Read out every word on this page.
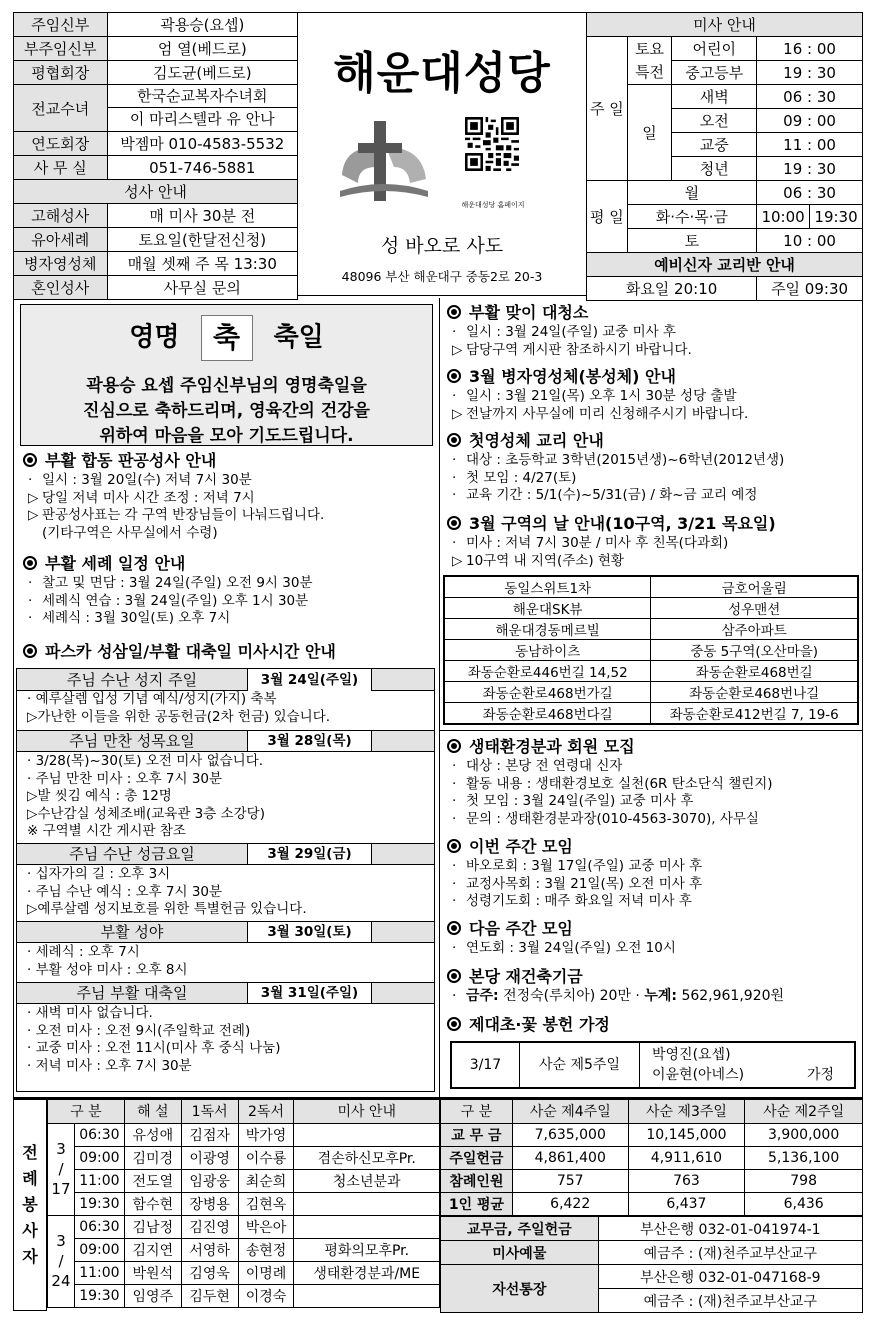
주임신부	곽용승(요셉)
부주임신부	엄 열(베드로)
평협회장	김도균(베드로)
전교수녀	한국순교복자수녀회
이 마리스텔라 유 안나

연도회장	박젬마 010-4583-5532
사 무 실	051-746-5881
성사 안내	
고해성사	매 미사 30분 전
유아세례	토요일(한달전신청)
병자영성체	매월 셋째 주 목 13:30
혼인성사	사무실 문의
해운대성당
해운대성당 홈페이지
성 바오로 사도
48096 부산 해운대구 중동2로 20-3
미사 안내				
주 일	토요 특전	어린이	16 : 00	
		중고등부	19 : 30	
	일	새벽	06 : 30	
		오전	09 : 00	
		교중	11 : 00	
		청년	19 : 30	
평 일	월		06 : 30	
	화·수·목·금		10:00	19:30
	토		10 : 00	
예비신자 교리반 안내				
화요일 20:10			주일 09:30	
영명 축 축일
곽용승 요셉 주임신부님의 영명축일을
진심으로 축하드리며, 영육간의 건강을
위하여 마음을 모아 기도드립니다.
부활 합동 판공성사 안내
· 일시 : 3월 20일(수) 저녁 7시 30분
▷ 당일 저녁 미사 시간 조정 : 저녁 7시
▷ 판공성사표는 각 구역 반장님들이 나눠드립니다.
(기타구역은 사무실에서 수령)
부활 세례 일정 안내
· 찰고 및 면담 : 3월 24일(주일) 오전 9시 30분
· 세례식 연습 : 3월 24일(주일) 오후 1시 30분
· 세례식 : 3월 30일(토) 오후 7시
파스카 성삼일/부활 대축일 미사시간 안내
주님 수난 성지 주일	3월 24일(주일)
· 예루살렘 입성 기념 예식/성지(가지) 축복
▷가난한 이들을 위한 공동헌금(2차 헌금) 있습니다.
주님 만찬 성목요일	3월 28일(목)
· 3/28(목)~30(토) 오전 미사 없습니다.
· 주님 만찬 미사 : 오후 7시 30분
▷발 씻김 예식 : 총 12명
▷수난감실 성체조배(교육관 3층 소강당)
※ 구역별 시간 게시판 참조
주님 수난 성금요일	3월 29일(금)
· 십자가의 길 : 오후 3시
· 주님 수난 예식 : 오후 7시 30분
▷예루살렘 성지보호를 위한 특별헌금 있습니다.
부활 성야	3월 30일(토)
· 세례식 : 오후 7시
· 부활 성야 미사 : 오후 8시
주님 부활 대축일	3월 31일(주일)
· 새벽 미사 없습니다.
· 오전 미사 : 오전 9시(주일학교 전례)
· 교중 미사 : 오전 11시(미사 후 중식 나눔)
· 저녁 미사 : 오후 7시 30분
부활 맞이 대청소
· 일시 : 3월 24일(주일) 교중 미사 후
▷ 담당구역 게시판 참조하시기 바랍니다.
3월 병자영성체(봉성체) 안내
· 일시 : 3월 21일(목) 오후 1시 30분 성당 출발
▷ 전날까지 사무실에 미리 신청해주시기 바랍니다.
첫영성체 교리 안내
· 대상 : 초등학교 3학년(2015년생)~6학년(2012년생)
· 첫 모임 : 4/27(토)
· 교육 기간 : 5/1(수)~5/31(금) / 화~금 교리 예정
3월 구역의 날 안내(10구역, 3/21 목요일)
· 미사 : 저녁 7시 30분 / 미사 후 친목(다과회)
▷ 10구역 내 지역(주소) 현황
동일스위트1차	금호어울림
해운대SK뷰	성우맨션
해운대경동메르빌	삼주아파트
동남하이츠	중동 5구역(오산마을)
좌동순환로446번길 14,52	좌동순환로468번길
좌동순환로468번가길	좌동순환로468번나길
좌동순환로468번다길	좌동순환로412번길 7, 19-6
생태환경분과 회원 모집
· 대상 : 본당 전 연령대 신자
· 활동 내용 : 생태환경보호 실천(6R 탄소단식 챌린지)
· 첫 모임 : 3월 24일(주일) 교중 미사 후
· 문의 : 생태환경분과장(010-4563-3070), 사무실
이번 주간 모임
· 바오로회 : 3월 17일(주일) 교중 미사 후
· 교정사목회 : 3월 21일(목) 오전 미사 후
· 성령기도회 : 매주 화요일 저녁 미사 후
다음 주간 모임
· 연도회 : 3월 24일(주일) 오전 10시
본당 재건축기금
· 금주: 전정숙(루치아) 20만 · 누계: 562,961,920원
제대초·꽃 봉헌 가정
3/17	사순 제5주일
박영진(요셉)
이윤현(아네스)	가정
전
례
봉
사
자
구 분		해 설	1독서	2독서	미사 안내

3
/
17	06:30	유성애	김점자	박가영	
	09:00	김미경	이광영	이수룡	겸손하신모후Pr.
	11:00	전도열	임광웅	최순희	청소년분과
	19:30	함수현	장병용	김현옥	

3
/
24	06:30	김남정	김진영	박은아	
	09:00	김지연	서영하	송현정	평화의모후Pr.
	11:00	박원석	김영욱	이명례	생태환경분과/ME
	19:30	임영주	김두현	이경숙	
구 분	사순 제4주일	사순 제3주일	사순 제2주일
교 무 금	7,635,000	10,145,000	3,900,000
주일헌금	4,861,400	4,911,610	5,136,100
참례인원	757	763	798
1인 평균	6,422	6,437	6,436
교무금, 주일헌금	부산은행 032-01-041974-1
미사예물	예금주 : (재)천주교부산교구
자선통장	부산은행 032-01-047168-9
	예금주 : (재)천주교부산교구
